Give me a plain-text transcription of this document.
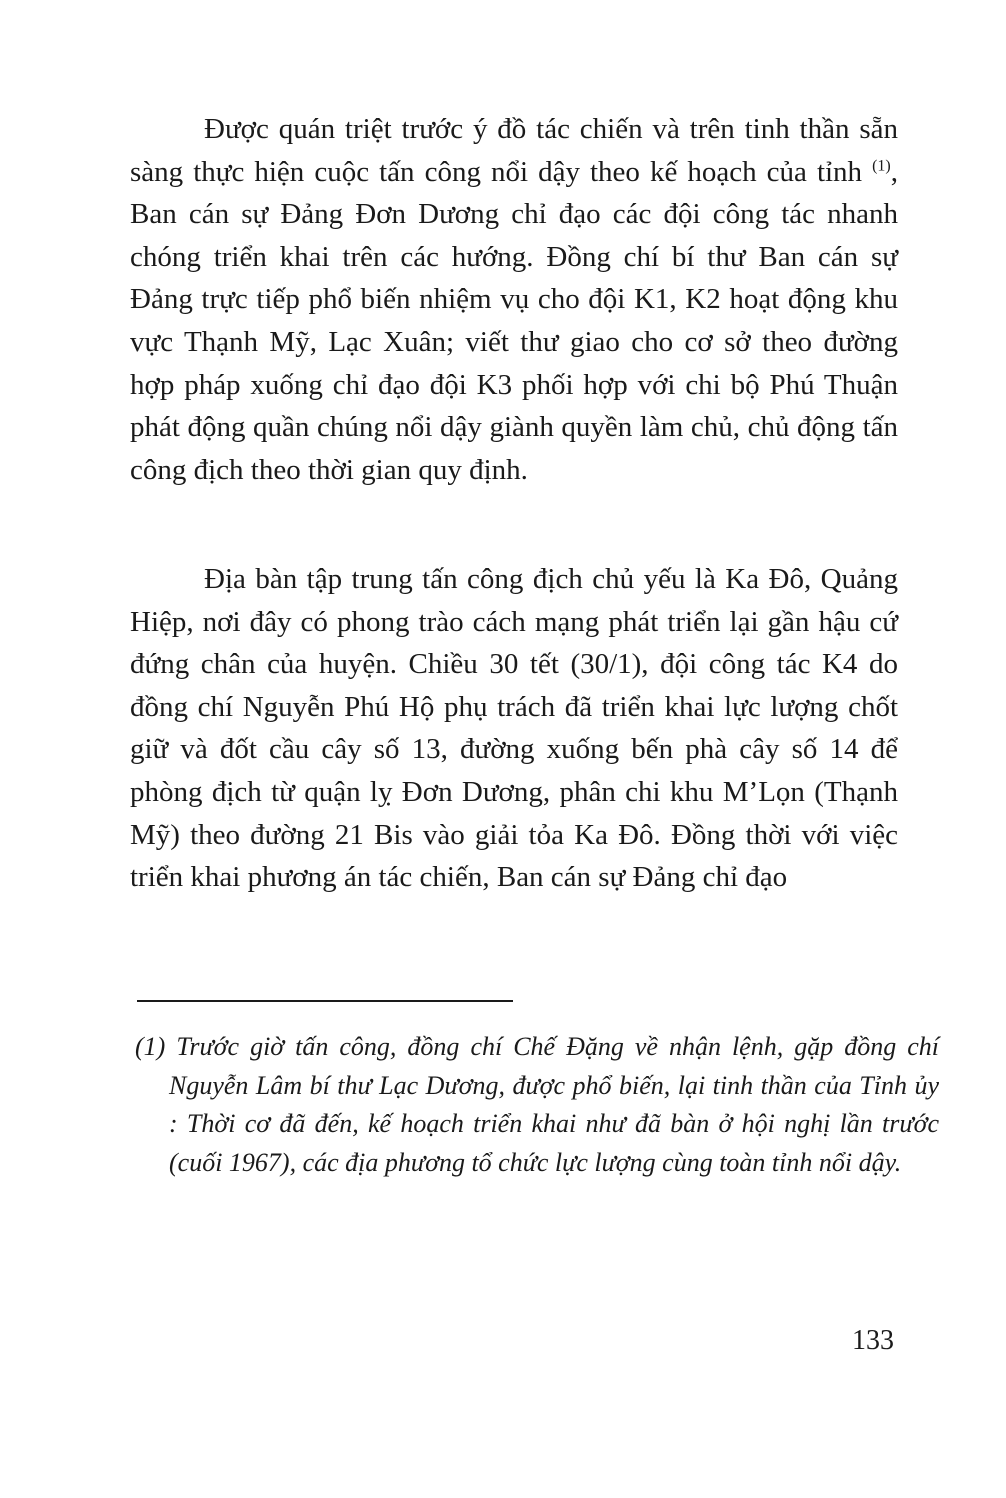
Được quán triệt trước ý đồ tác chiến và trên tinh thần sẵn sàng thực hiện cuộc tấn công nổi dậy theo kế hoạch của tỉnh $^{(1)}$, Ban cán sự Đảng Đơn Dương chỉ đạo các đội công tác nhanh chóng triển khai trên các hướng. Đồng chí bí thư Ban cán sự Đảng trực tiếp phổ biến nhiệm vụ cho đội K1, K2 hoạt động khu vực Thạnh Mỹ, Lạc Xuân; viết thư giao cho cơ sở theo đường hợp pháp xuống chỉ đạo đội K3 phối hợp với chi bộ Phú Thuận phát động quần chúng nổi dậy giành quyền làm chủ, chủ động tấn công địch theo thời gian quy định.

Địa bàn tập trung tấn công địch chủ yếu là Ka Đô, Quảng Hiệp, nơi đây có phong trào cách mạng phát triển lại gần hậu cứ đứng chân của huyện. Chiều 30 tết (30/1), đội công tác K4 do đồng chí Nguyễn Phú Hộ phụ trách đã triển khai lực lượng chốt giữ và đốt cầu cây số 13, đường xuống bến phà cây số 14 để phòng địch từ quận lỵ Đơn Dương, phân chi khu M’Lọn (Thạnh Mỹ) theo đường 21 Bis vào giải tỏa Ka Đô. Đồng thời với việc triển khai phương án tác chiến, Ban cán sự Đảng chỉ đạo

(1) Trước giờ tấn công, đồng chí Chế Đặng về nhận lệnh, gặp đồng chí Nguyễn Lâm bí thư Lạc Dương, được phổ biến, lại tinh thần của Tỉnh ủy : Thời cơ đã đến, kế hoạch triển khai như đã bàn ở hội nghị lần trước (cuối 1967), các địa phương tổ chức lực lượng cùng toàn tỉnh nổi dậy.

133
